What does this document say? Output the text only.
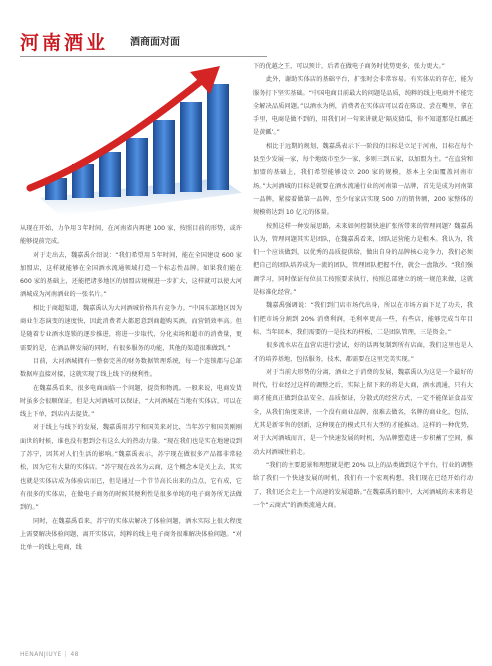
河南酒业 酒商面对面

从现在开始，力争用３年时间，在河南省内再建 100 家，按照目前的形势，或许能够提前完成。

对于走出去，魏嘉禹介绍说：“我们希望用５年时间，能在全国建设 600 家加盟店，这样就能够在全国酒水流通领域打造一个标志性品牌。如果我们能在 600 家的基础上，还能把诸多地区的加盟店规模进一步扩大，这样就可以使大河酒城成为河南酒业的一张名片。”

相比于商超渠道，魏嘉禹认为大河酒城价格具有竞争力。“中国东部地区因为商业生态演变的速度快，因此消费者大都愿意到商超购买酒，而营销效率高。但是随着专业酒水连锁的逐步推进，将进一步取代、分化卖场和超市的消费量，更需要的是，在酒品牌发展的同时，有很多服务的功能，其他的渠道很难做到。”

目前，大河酒城拥有一整套完善的财务数据管理系统，每一个连锁都与总部数据库直接对接，这就实现了线上线下的便利性。

在魏嘉禹看来，很多电商面临一个问题，提货和物流。一般来说，电商发货时虽多会很顺保证，但是大河酒城可以保证，“大河酒城在当地有实体店，可以在线上下单，到店内去提货。”

对于线上与线下的发展，魏嘉禹用苏宁和国美来对比，当年苏宁和国美刚刚面世的时候，谁也没有想到会有这么大的热动力量。“现在我们也是实在地建设到了苏宁，因其对人们生活的影响。”魏嘉禹表示，苏宁现在做很多产品都非常轻松，因为它有大量的实体店。“苏宁现在改名为云商，这个概念本是关上去，其实也就是实体店成为体验店而已，但是通过一个节节高长出来的点点，它有成，它有很多的实体店，在做电子商务的时候其便利性是很多单纯的电子商务所无法做到的。”

同时，在魏嘉禹看来，苏宁的实体店解决了体验问题，酒水实际上很大程度上需要解决体验问题，离开实体店，纯粹的线上电子商务很难解决体验问题。“对比单一的线上电商，线

下的优越之王，可以预计，后者在做电子商务时优势更多，张力更大。”

此外，谢助实体店的基础平台，扩张时会非常容易。有实体店的存在，能为服务打下坚实基础。“中国电商目前最大的问题是品质，纯粹的线上电商并不能完全解决品质问题。”以酒水为例，消费者在实体店可以看在陈设、尝在嘴里，拿在手里，电商是做不到的，用我们对一句来讲就是‘隔皮猜瓜，你不知道那是红瓤还是黄瓤’。”

相比于远期的规划，魏嘉禹表示下一阶段的目标是立足于河南，目标在每个县至少发展一家，每个地级市至少一家，多则三到五家，以加盟为主。“在直营和加盟的基础上，我们希望能够设立 200 家的规模，基本上全面覆盖河南市场。”大河酒城的目标是就要在酒水流通行业的河南第一品牌，首先是成为河南第一品牌，紧接着做第一品牌，至少每家店实现 500 万的销售额，200 家整体的规模将达到 10 亿元的体量。

按照这样一种发展思路，未来如何控制快速扩张所带来的管理问题？魏嘉禹认为，管理问题其实是团队，在魏嘉禹看来，团队运营能力是根本。我认为，我们一个应该做到，以优秀的品质提供给，做出自身的品牌核心竞争力，我们必须把自己的团队培养成为一流的团队，管理团队把握不住，就会一盘散沙。“我们强调学习，同时保证每位员工按照要求执行，按照总部建立的统一规范来做，这就是标准化经营。”

魏嘉禹强调说：“我们到门店市场代出身，所以在市场方面下足了功夫，我们把市场分割到 20% 消费利润，毛利率更高一些，有些店，能够完成当年目标，当年回本，我们需要的一是技术的样板，二是团队管理，三是资金。”

很多流水店在直营店进行尝试，好的话再复制到所有店面，我们这里也是人才的培养基地，包括服务，技术，都需要在这里完美实现。”

对于当前大形势的分离，酒业之于消费的发展，魏嘉禹认为这是一个最好的时代，行业经过这样的调整之后，实际上留下来的将是大商，酒水流通，只有大商才能真正做到食品安全、品质保证，分散式的经营方式，一定不能保证食品安全，从我们角度来讲，一个没有商业品牌，很难去做名，名牌的商业化，包括，尤其是新零售的创新，这种现在的模式只有大型的才能推动。这样的一种优势，对于大河酒城而言，是一个快速发展的时机，为品牌塑造进一步积蓄了空间，推动大河酒城往前走。

“我们的主要愿景和理想就是把 20% 以上的品类做到这个平台，行业的调整给了我们一个快速发展的时机，我们有一个宏观构想，我们现在已经开始行动了，我们还会走上一个高速的发展道路。”在魏嘉禹的眼中，大河酒城的未来将是一个“云商式”的酒类流通大商。

HENANJIUYE | 48
